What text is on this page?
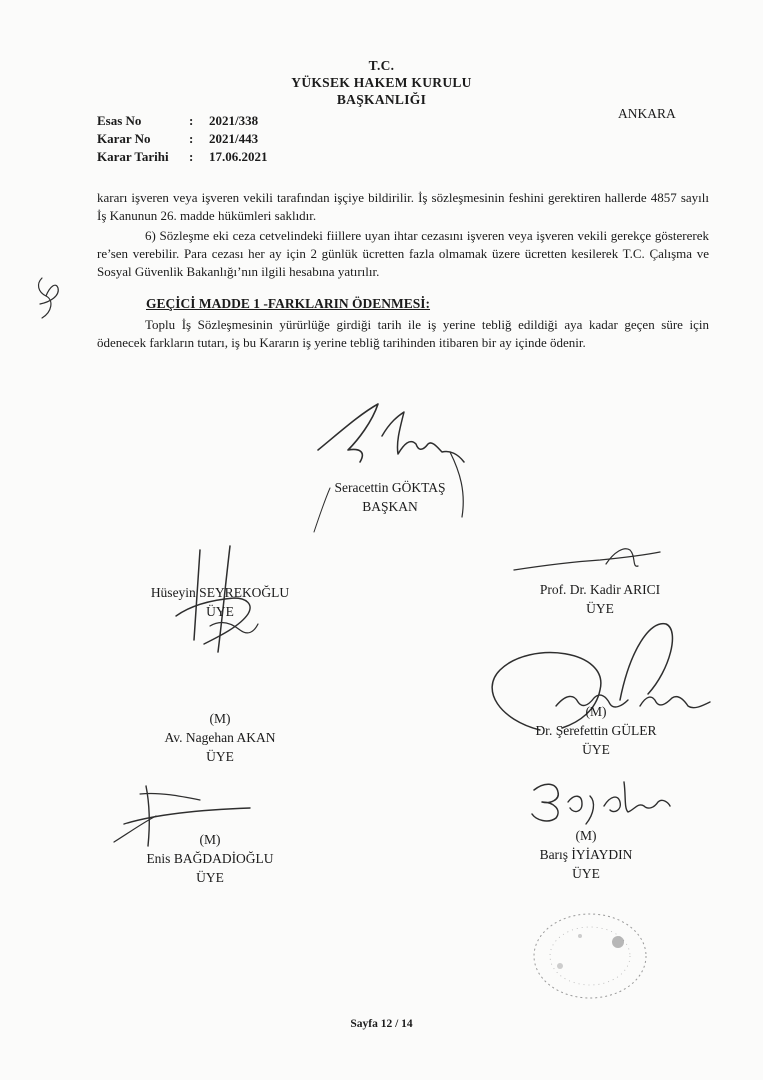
T.C.
YÜKSEK HAKEM KURULU
BAŞKANLIĞI
ANKARA
Esas No	: 2021/338
Karar No	: 2021/443
Karar Tarihi : 17.06.2021

kararı işveren veya işveren vekili tarafından işçiye bildirilir. İş sözleşmesinin feshini gerektiren hallerde 4857 sayılı İş Kanunun 26. madde hükümleri saklıdır.

6) Sözleşme eki ceza cetvelindeki fiillere uyan ihtar cezasını işveren veya işveren vekili gerekçe göstererek re’sen verebilir. Para cezası her ay için 2 günlük ücretten fazla olmamak üzere ücretten kesilerek T.C. Çalışma ve Sosyal Güvenlik Bakanlığı’nın ilgili hesabına yatırılır.

GEÇİCİ MADDE 1 -FARKLARIN ÖDENMESİ:

Toplu İş Sözleşmesinin yürürlüğe girdiği tarih ile iş yerine tebliğ edildiği aya kadar geçen süre için ödenecek farkların tutarı, iş bu Kararın iş yerine tebliğ tarihinden itibaren bir ay içinde ödenir.

Seracettin GÖKTAŞ
BAŞKAN
Hüseyin SEYREKOĞLU
ÜYE
Prof. Dr. Kadir ARICI
ÜYE
(M)
Av. Nagehan AKAN
ÜYE
(M)
Dr. Şerefettin GÜLER
ÜYE
(M)
Enis BAĞDADİOĞLU
ÜYE
(M)
Barış İYİAYDIN
ÜYE
Sayfa 12 / 14
